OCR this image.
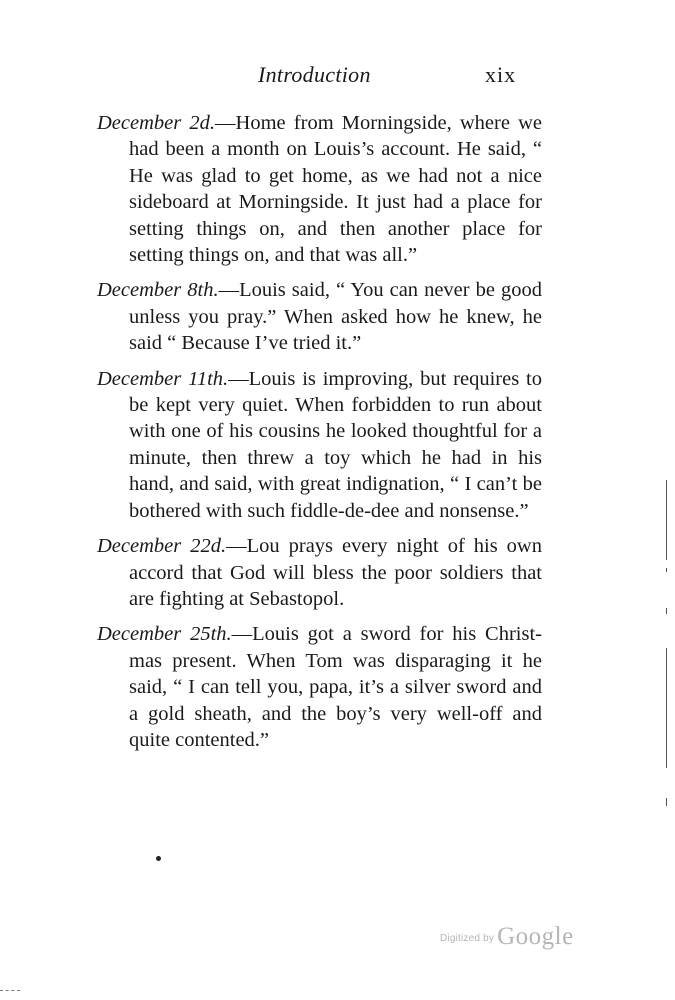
Introduction	xix

December 2d.—Home from Morningside, where we had been a month on Louis’s account. He said, “ He was glad to get home, as we had not a nice sideboard at Morningside. It just had a place for setting things on, and then another place for setting things on, and that was all.”

December 8th.—Louis said, “ You can never be good unless you pray.” When asked how he knew, he said “ Because I’ve tried it.”

December 11th.—Louis is improving, but requires to be kept very quiet. When forbidden to run about with one of his cousins he looked thoughtful for a minute, then threw a toy which he had in his hand, and said, with great indignation, “ I can’t be bothered with such fiddle-de-dee and nonsense.”

December 22d.—Lou prays every night of his own accord that God will bless the poor soldiers that are fighting at Sebastopol.

December 25th.—Louis got a sword for his Christmas present. When Tom was disparaging it he said, “ I can tell you, papa, it’s a silver sword and a gold sheath, and the boy’s very well-off and quite contented.”

Digitized by Google
